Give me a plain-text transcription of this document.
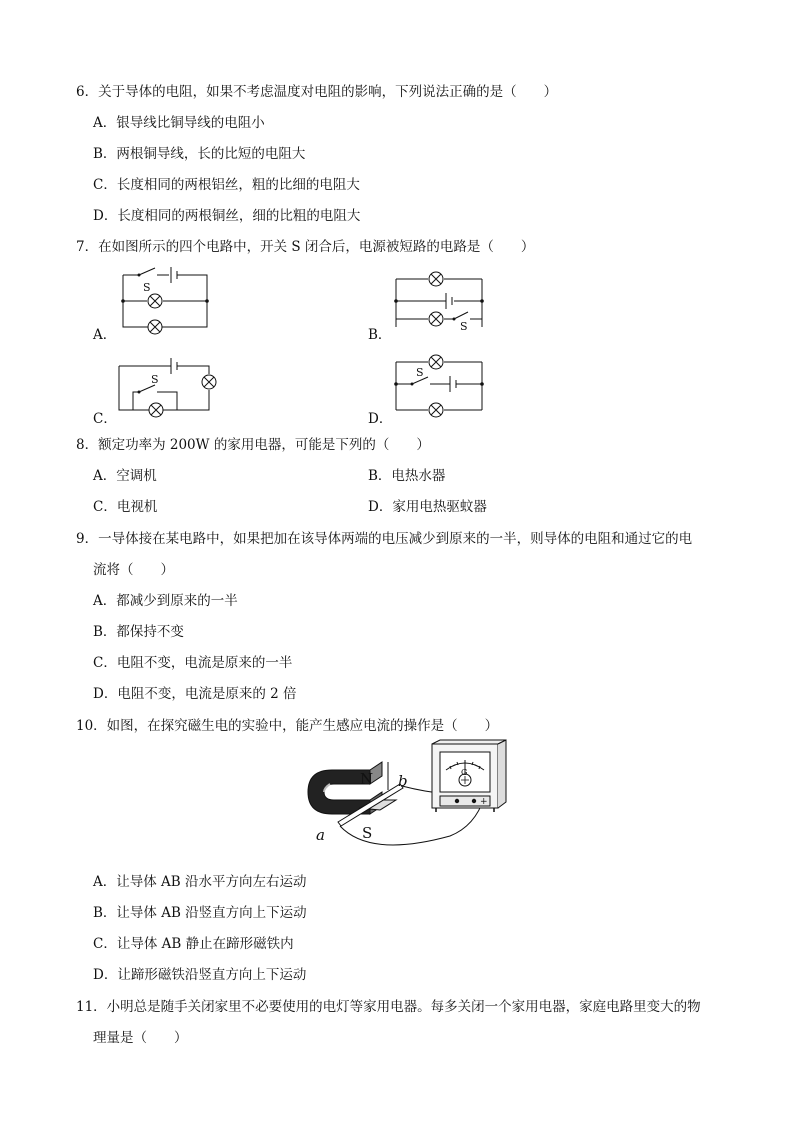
6．关于导体的电阻，如果不考虑温度对电阻的影响，下列说法正确的是（　　）
A．银导线比铜导线的电阻小
B．两根铜导线，长的比短的电阻大
C．长度相同的两根铝丝，粗的比细的电阻大
D．长度相同的两根铜丝，细的比粗的电阻大
7．在如图所示的四个电路中，开关 S 闭合后，电源被短路的电路是（　　）
A．	B．
C．	D．
S
S
S
S
8．额定功率为 200W 的家用电器，可能是下列的（　　）
A．空调机	B．电热水器
C．电视机	D．家用电热驱蚊器
9．一导体接在某电路中，如果把加在该导体两端的电压减少到原来的一半，则导体的电阻和通过它的电
流将（　　）
A．都减少到原来的一半
B．都保持不变
C．电阻不变，电流是原来的一半
D．电阻不变，电流是原来的 2 倍
10．如图，在探究磁生电的实验中，能产生感应电流的操作是（　　）
N
S
a
b	G
+
A．让导体 AB 沿水平方向左右运动
B．让导体 AB 沿竖直方向上下运动
C．让导体 AB 静止在蹄形磁铁内
D．让蹄形磁铁沿竖直方向上下运动
11．小明总是随手关闭家里不必要使用的电灯等家用电器。每多关闭一个家用电器，家庭电路里变大的物
理量是（　　）
